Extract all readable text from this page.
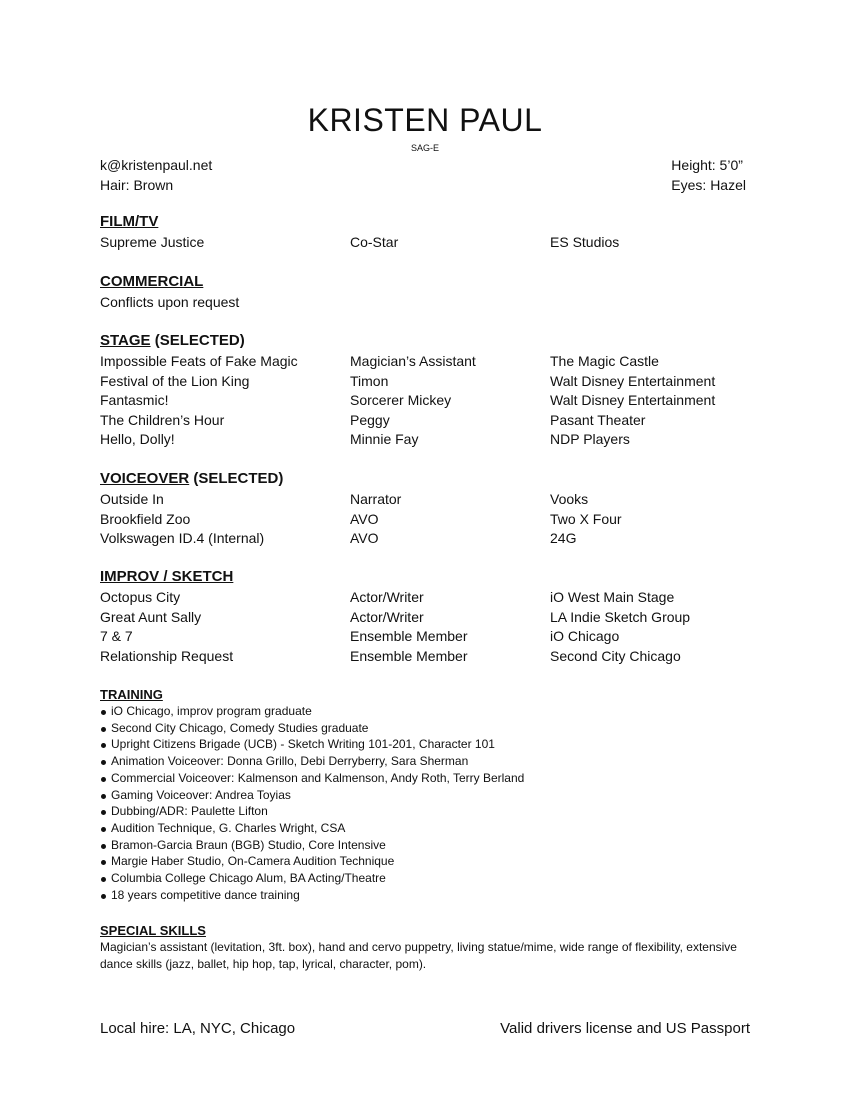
KRISTEN PAUL
SAG-E
k@kristenpaul.net
Hair: Brown
Height: 5’0”
Eyes: Hazel
FILM/TV
Supreme Justice	Co-Star	ES Studios
COMMERCIAL
Conflicts upon request
STAGE (SELECTED)
Impossible Feats of Fake Magic	Magician’s Assistant	The Magic Castle
Festival of the Lion King	Timon	Walt Disney Entertainment
Fantasmic!	Sorcerer Mickey	Walt Disney Entertainment
The Children’s Hour	Peggy	Pasant Theater
Hello, Dolly!	Minnie Fay	NDP Players
VOICEOVER (SELECTED)
Outside In	Narrator	Vooks
Brookfield Zoo	AVO	Two X Four
Volkswagen ID.4 (Internal)	AVO	24G
IMPROV / SKETCH
Octopus City	Actor/Writer	iO West Main Stage
Great Aunt Sally	Actor/Writer	LA Indie Sketch Group
7 & 7	Ensemble Member	iO Chicago
Relationship Request	Ensemble Member	Second City Chicago
TRAINING
iO Chicago, improv program graduate
Second City Chicago, Comedy Studies graduate
Upright Citizens Brigade (UCB) - Sketch Writing 101-201, Character 101
Animation Voiceover: Donna Grillo, Debi Derryberry, Sara Sherman
Commercial Voiceover: Kalmenson and Kalmenson, Andy Roth, Terry Berland
Gaming Voiceover: Andrea Toyias
Dubbing/ADR: Paulette Lifton
Audition Technique, G. Charles Wright, CSA
Bramon-Garcia Braun (BGB) Studio, Core Intensive
Margie Haber Studio, On-Camera Audition Technique
Columbia College Chicago Alum, BA Acting/Theatre
18 years competitive dance training
SPECIAL SKILLS
Magician’s assistant (levitation, 3ft. box), hand and cervo puppetry, living statue/mime, wide range of flexibility, extensive dance skills (jazz, ballet, hip hop, tap, lyrical, character, pom).
Local hire: LA, NYC, Chicago	Valid drivers license and US Passport
